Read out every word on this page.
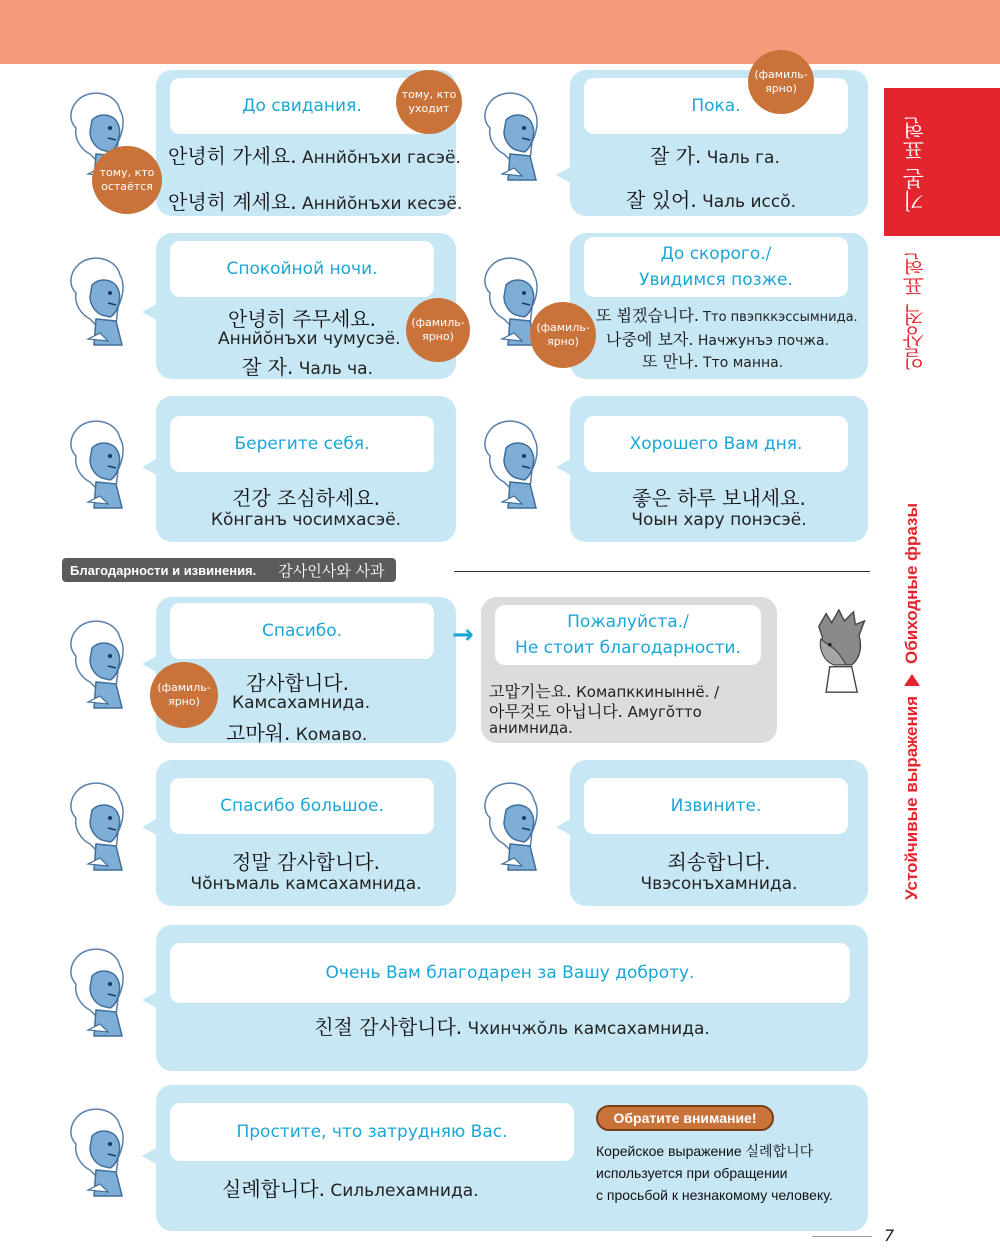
기본 표현
일상적 표현
Устойчивые выражения
Обиходные фразы
До свидания.
안녕히 가세요. Аннйŏнъхи гасэё.
안녕히 계세요. Аннйŏнъхи кесэё.
тому, кто уходит
тому, кто остаётся
Пока.
잘 가. Чаль га.
잘 있어. Чаль иссŏ.
(фамиль-ярно)
Спокойной ночи.
안녕히 주무세요.
Аннйŏнъхи чумусэё.
잘 자. Чаль ча.
(фамиль-ярно)
До скорого./
Увидимся позже.
또 뵙겠습니다. Тто пвэпккэссымнида.
나중에 보자. Начжунъэ почжа.
또 만나. Тто манна.
(фамиль-ярно)
Берегите себя.
건강 조심하세요.
Кŏнганъ чосимхасэё.
Хорошего Вам дня.
좋은 하루 보내세요.
Чоын хару понэсэё.
Благодарности и извинения. 감사인사와 사과
Спасибо.
감사합니다.
Камсахамнида.
고마워. Комаво.
(фамиль-ярно)
→	Пожалуйста./
Не стоит благодарности.
고맙기는요. Комапккиныннё. /
아무것도 아닙니다. Амугŏтто
анимнида.
Спасибо большое.
정말 감사합니다.
Чŏнъмаль камсахамнида.
Извините.
죄송합니다.
Чвэсонъхамнида.
Очень Вам благодарен за Вашу доброту.
친절 감사합니다. Чхинчжŏль камсахамнида.
Простите, что затрудняю Вас.
실례합니다. Сильлехамнида.
Обратите внимание!
Корейское выражение 실례합니다
используется при обращении
с просьбой к незнакомому человеку.
7
